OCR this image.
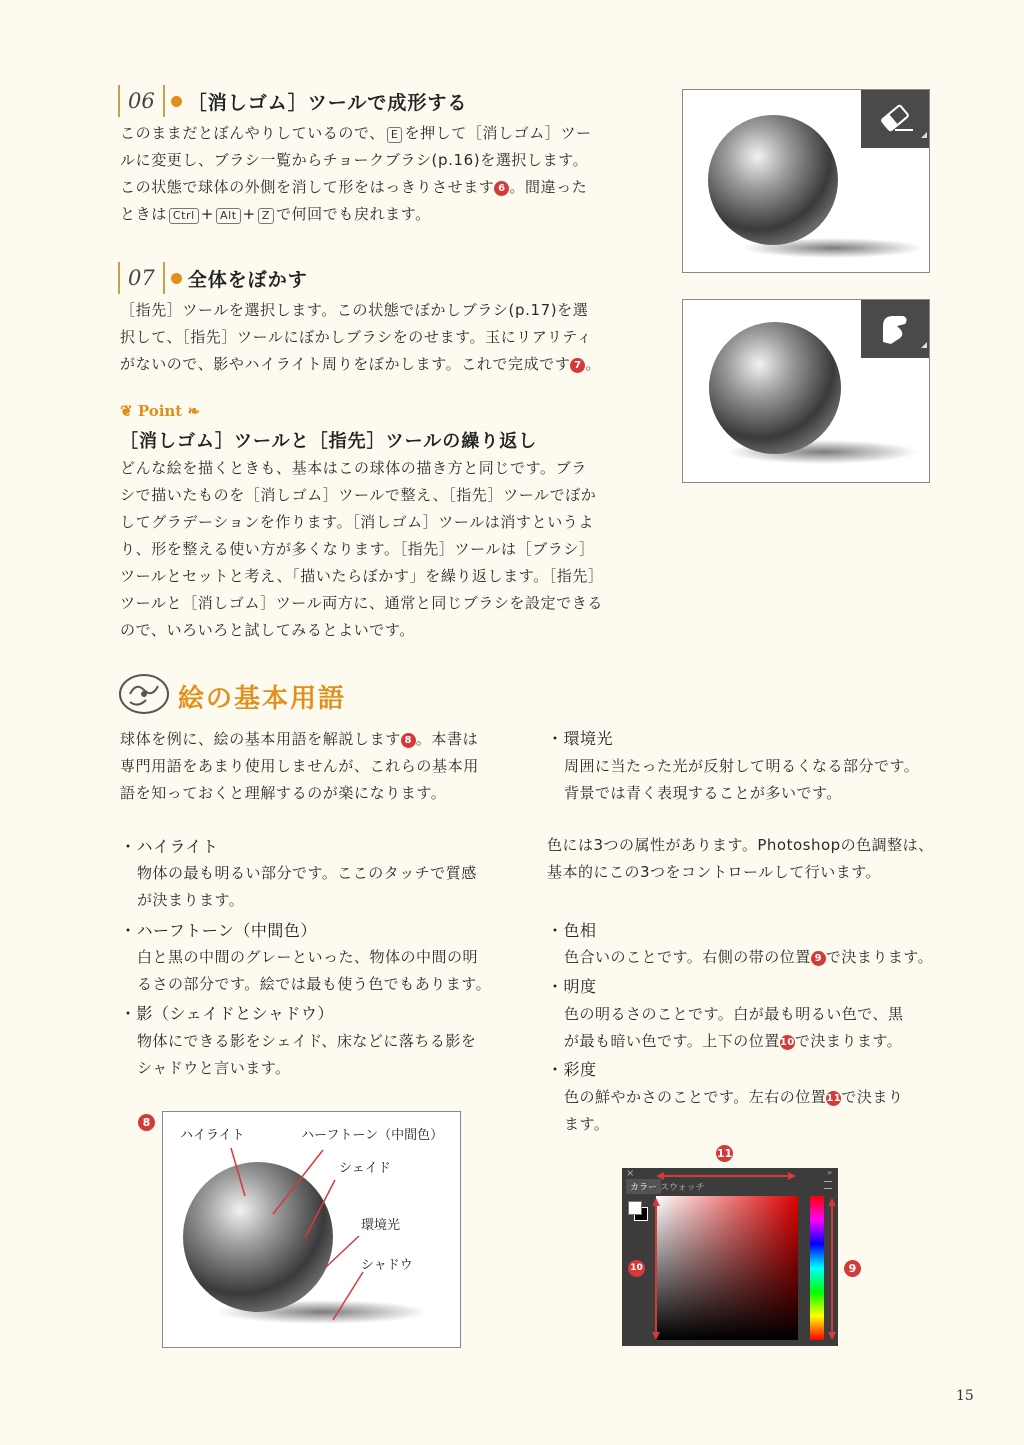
06	［消しゴム］ツールで成形する
このままだとぼんやりしているので、 E を押して［消しゴム］ツー
ルに変更し、ブラシ一覧からチョークブラシ(p.16)を選択します。
この状態で球体の外側を消して形をはっきりさせます 6 。間違った
ときは Ctrl + Alt + Z で何回でも戻れます。
07	全体をぼかす
［指先］ツールを選択します。この状態でぼかしブラシ(p.17)を選
択して、［指先］ツールにぼかしブラシをのせます。玉にリアリティ
がないので、影やハイライト周りをぼかします。これで完成です 7 。
❦ Point ❧
［消しゴム］ツールと［指先］ツールの繰り返し
どんな絵を描くときも、基本はこの球体の描き方と同じです。ブラ
シで描いたものを［消しゴム］ツールで整え、［指先］ツールでぼか
してグラデーションを作ります。［消しゴム］ツールは消すというよ
り、形を整える使い方が多くなります。［指先］ツールは［ブラシ］
ツールとセットと考え、「描いたらぼかす」を繰り返します。［指先］
ツールと［消しゴム］ツール両方に、通常と同じブラシを設定できる
ので、いろいろと試してみるとよいです。
絵の基本用語
球体を例に、絵の基本用語を解説します 8 。本書は
専門用語をあまり使用しませんが、これらの基本用
語を知っておくと理解するのが楽になります。
・ハイライト
物体の最も明るい部分です。ここのタッチで質感
が決まります。
・ハーフトーン（中間色）
白と黒の中間のグレーといった、物体の中間の明
るさの部分です。絵では最も使う色でもあります。
・影（シェイドとシャドウ）
物体にできる影をシェイド、床などに落ちる影を
シャドウと言います。
・環境光
周囲に当たった光が反射して明るくなる部分です。
背景では青く表現することが多いです。
色には3つの属性があります。Photoshopの色調整は、
基本的にこの3つをコントロールして行います。
・色相
色合いのことです。右側の帯の位置 9 で決まります。
・明度
色の明るさのことです。白が最も明るい色で、黒
が最も暗い色です。上下の位置10で決まります。
・彩度
色の鮮やかさのことです。左右の位置11で決まり
ます。
8
ハイライト	ハーフトーン（中間色）
シェイド
環境光
シャドウ
11
×	»
カラー スウォッチ
10	9
15
